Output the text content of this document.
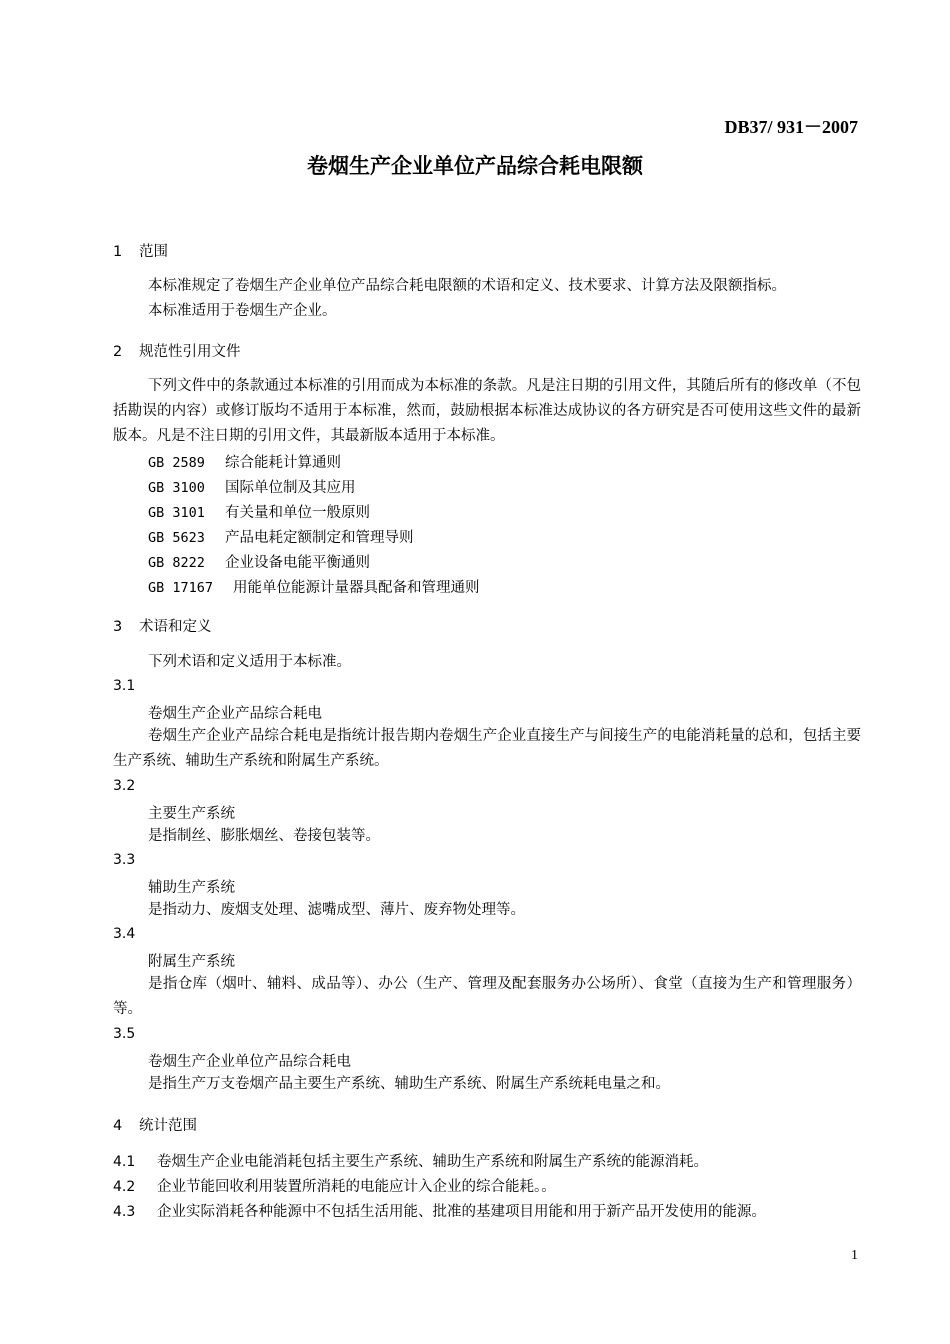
DB37/ 931－2007
卷烟生产企业单位产品综合耗电限额
1 范围
本标准规定了卷烟生产企业单位产品综合耗电限额的术语和定义、技术要求、计算方法及限额指标。
本标准适用于卷烟生产企业。
2 规范性引用文件
下列文件中的条款通过本标准的引用而成为本标准的条款。凡是注日期的引用文件，其随后所有的修改单（不包括勘误的内容）或修订版均不适用于本标准，然而，鼓励根据本标准达成协议的各方研究是否可使用这些文件的最新版本。凡是不注日期的引用文件，其最新版本适用于本标准。
GB 2589 综合能耗计算通则
GB 3100 国际单位制及其应用
GB 3101 有关量和单位一般原则
GB 5623 产品电耗定额制定和管理导则
GB 8222 企业设备电能平衡通则
GB 17167 用能单位能源计量器具配备和管理通则
3 术语和定义
下列术语和定义适用于本标准。
3.1
卷烟生产企业产品综合耗电
卷烟生产企业产品综合耗电是指统计报告期内卷烟生产企业直接生产与间接生产的电能消耗量的总和，包括主要生产系统、辅助生产系统和附属生产系统。
3.2
主要生产系统
是指制丝、膨胀烟丝、卷接包装等。
3.3
辅助生产系统
是指动力、废烟支处理、滤嘴成型、薄片、废弃物处理等。
3.4
附属生产系统
是指仓库（烟叶、辅料、成品等）、办公（生产、管理及配套服务办公场所）、食堂（直接为生产和管理服务）等。
3.5
卷烟生产企业单位产品综合耗电
是指生产万支卷烟产品主要生产系统、辅助生产系统、附属生产系统耗电量之和。
4 统计范围
4.1 卷烟生产企业电能消耗包括主要生产系统、辅助生产系统和附属生产系统的能源消耗。
4.2 企业节能回收利用装置所消耗的电能应计入企业的综合能耗。。
4.3 企业实际消耗各种能源中不包括生活用能、批准的基建项目用能和用于新产品开发使用的能源。
1
